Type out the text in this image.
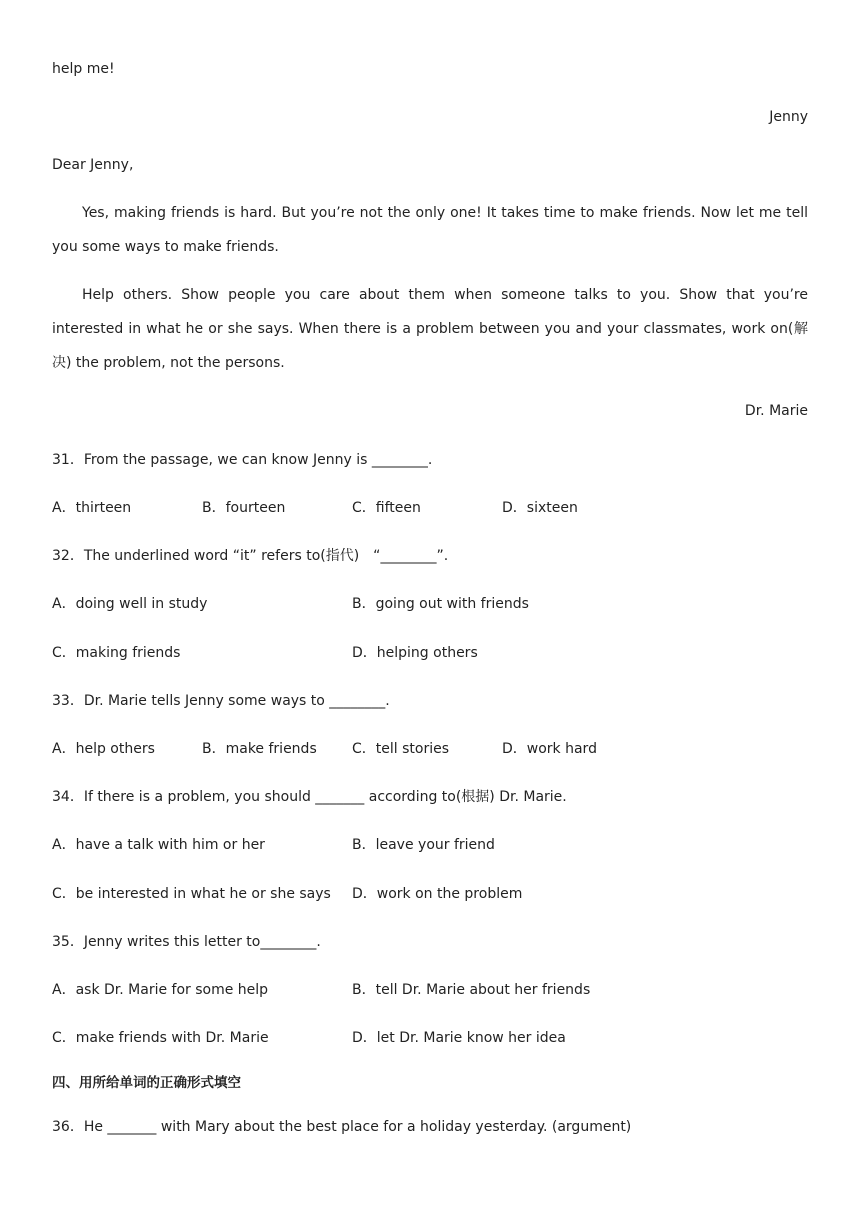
help me!
Jenny
Dear Jenny,
Yes, making friends is hard. But you’re not the only one! It takes time to make friends. Now let me tell you some ways to make friends.
Help others. Show people you care about them when someone talks to you. Show that you’re interested in what he or she says. When there is a problem between you and your classmates, work on(解决) the problem, not the persons.
Dr. Marie
31．From the passage, we can know Jenny is ________.
A．thirteen	B．fourteen	C．fifteen	D．sixteen
32．The underlined word “it” refers to(指代)　“________”.
A．doing well in study	B．going out with friends
C．making friends	D．helping others
33．Dr. Marie tells Jenny some ways to ________.
A．help others	B．make friends	C．tell stories	D．work hard
34．If there is a problem, you should _______ according to(根据) Dr. Marie.
A．have a talk with him or her	B．leave your friend
C．be interested in what he or she says D．work on the problem
35．Jenny writes this letter to________.
A．ask Dr. Marie for some help	B．tell Dr. Marie about her friends
C．make friends with Dr. Marie	D．let Dr. Marie know her idea
四、用所给单词的正确形式填空
36．He _______ with Mary about the best place for a holiday yesterday. (argument)
